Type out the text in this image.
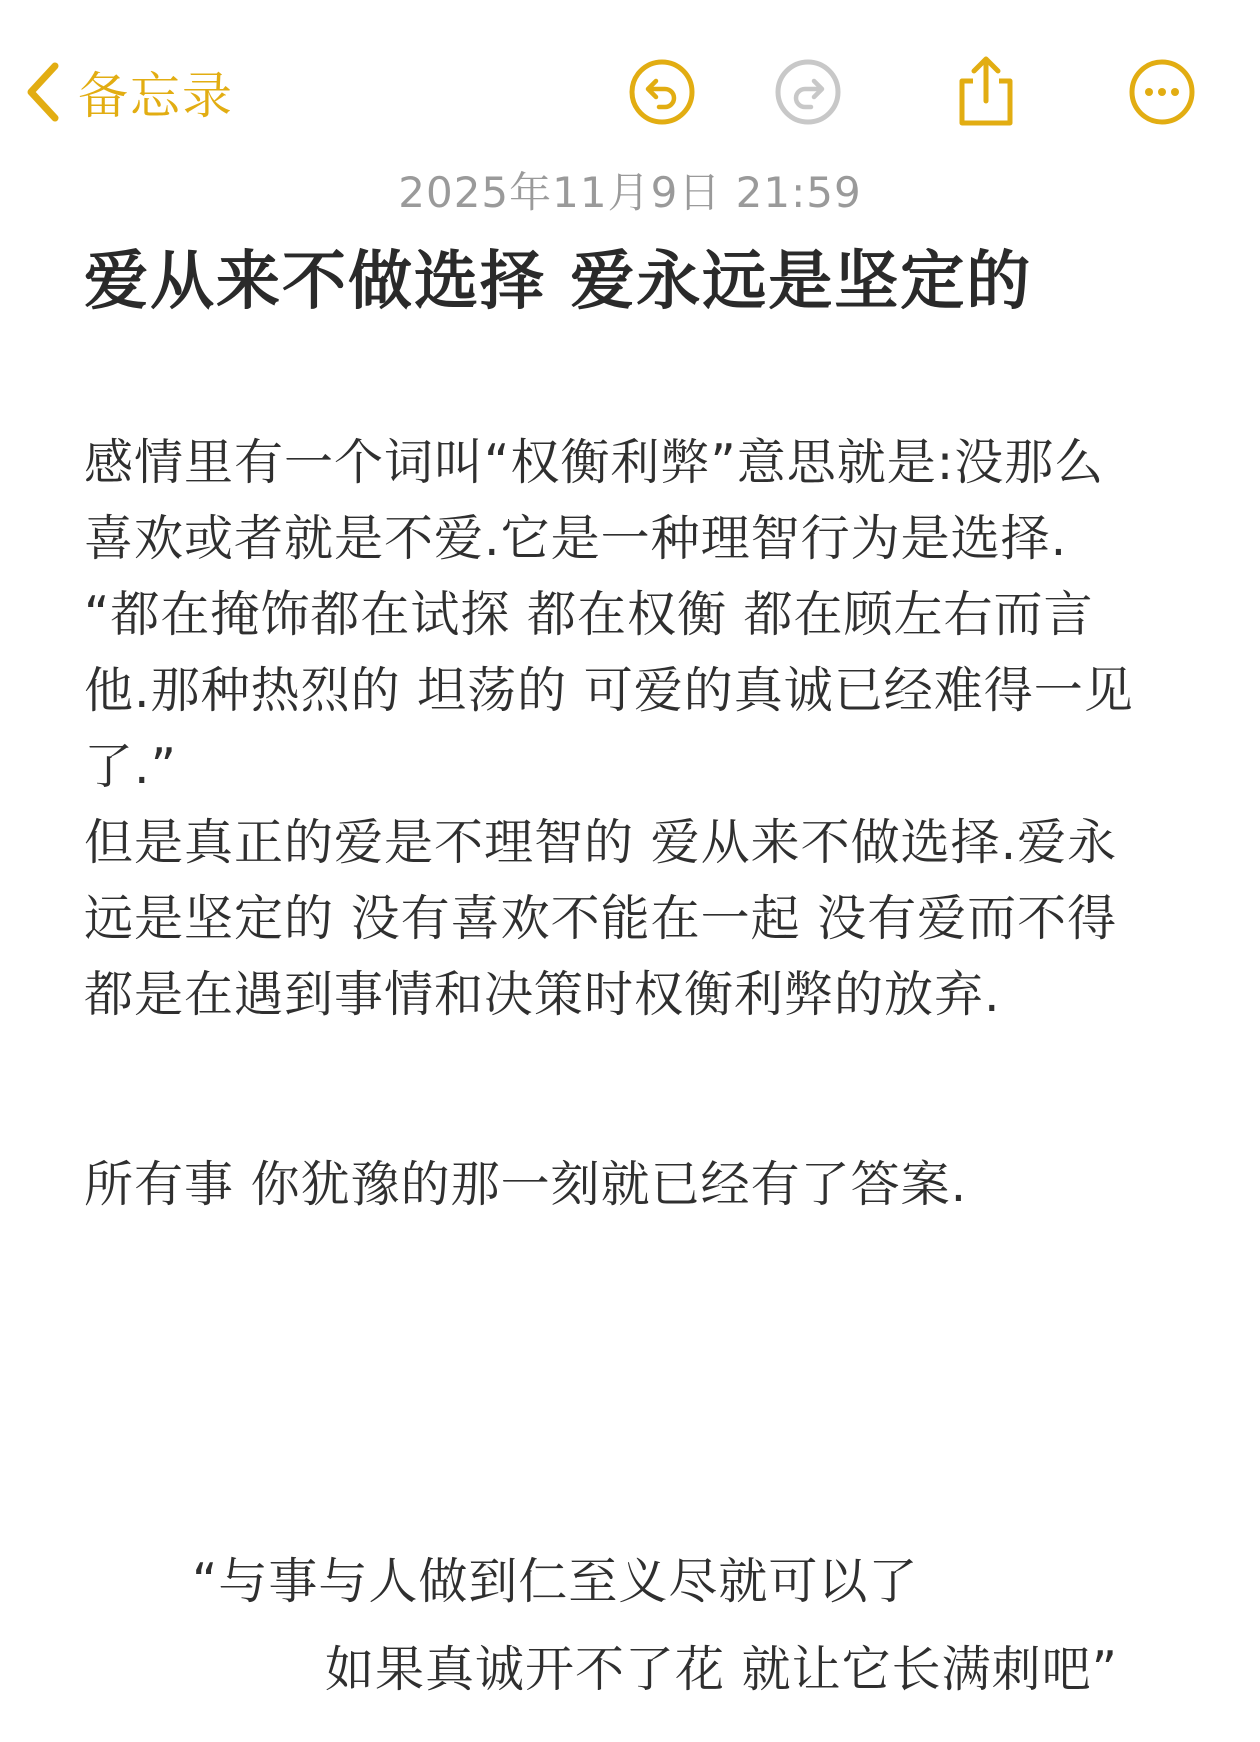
备忘录
2025年11月9日 21:59
爱从来不做选择 爱永远是坚定的
感情里有一个词叫“权衡利弊”意思就是:没那么
喜欢或者就是不爱.它是一种理智行为是选择.
“都在掩饰都在试探 都在权衡 都在顾左右而言
他.那种热烈的 坦荡的 可爱的真诚已经难得一见
了.”
但是真正的爱是不理智的 爱从来不做选择.爱永
远是坚定的 没有喜欢不能在一起 没有爱而不得
都是在遇到事情和决策时权衡利弊的放弃.
所有事 你犹豫的那一刻就已经有了答案.
“与事与人做到仁至义尽就可以了
如果真诚开不了花 就让它长满刺吧”
